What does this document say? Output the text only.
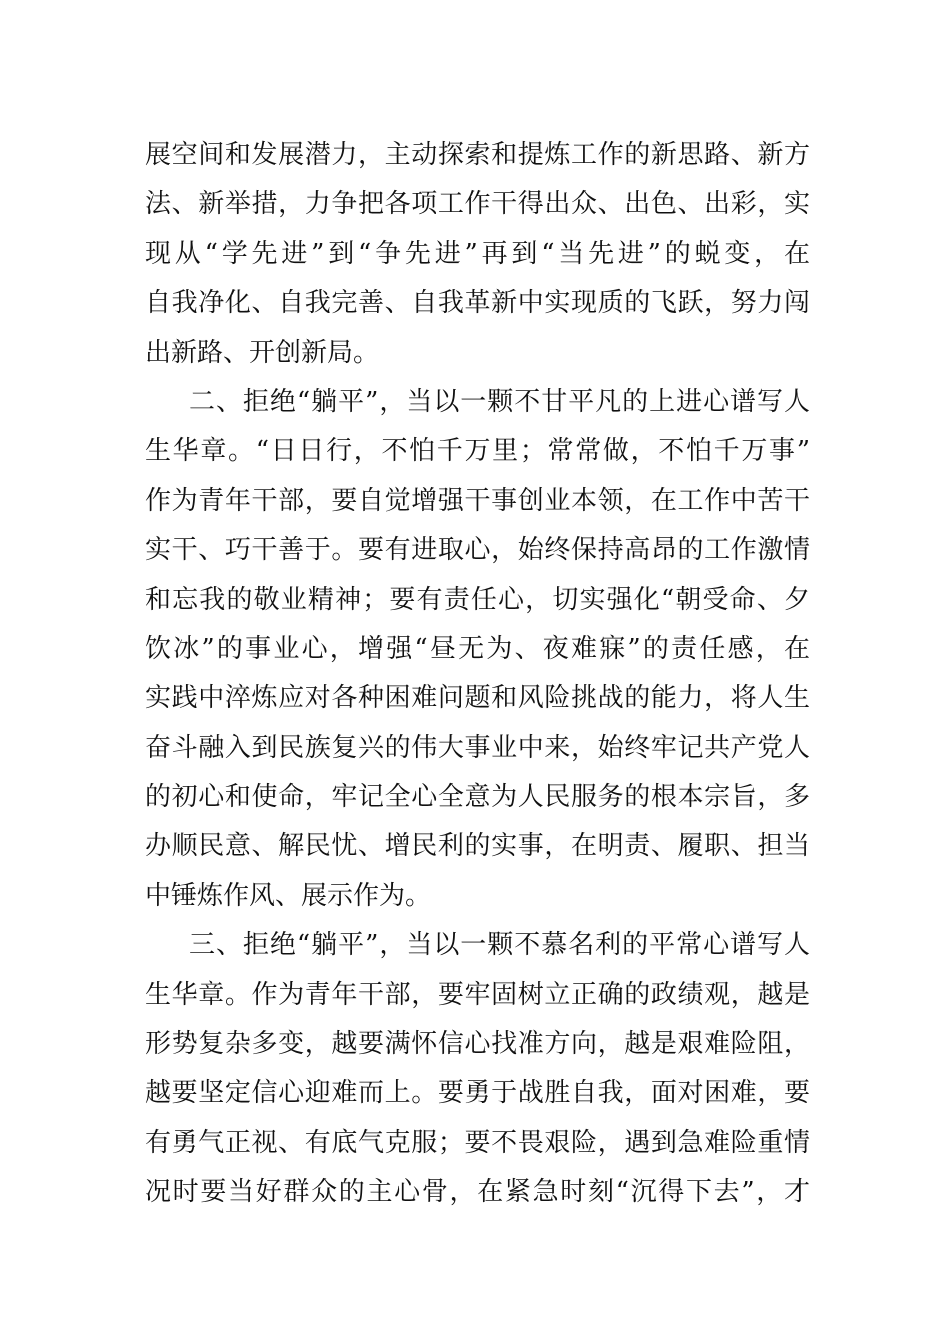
展空间和发展潜力，主动探索和提炼工作的新思路、新方
法、新举措，力争把各项工作干得出众、出色、出彩，实
现从“学先进”到“争先进”再到“当先进”的蜕变，在
自我净化、自我完善、自我革新中实现质的飞跃，努力闯
出新路、开创新局。
二、拒绝“躺平”，当以一颗不甘平凡的上进心谱写人
生华章。“日日行，不怕千万里；常常做，不怕千万事”
作为青年干部，要自觉增强干事创业本领，在工作中苦干
实干、巧干善于。要有进取心，始终保持高昂的工作激情
和忘我的敬业精神；要有责任心，切实强化“朝受命、夕
饮冰”的事业心，增强“昼无为、夜难寐”的责任感，在
实践中淬炼应对各种困难问题和风险挑战的能力，将人生
奋斗融入到民族复兴的伟大事业中来，始终牢记共产党人
的初心和使命，牢记全心全意为人民服务的根本宗旨，多
办顺民意、解民忧、增民利的实事，在明责、履职、担当
中锤炼作风、展示作为。
三、拒绝“躺平”，当以一颗不慕名利的平常心谱写人
生华章。作为青年干部，要牢固树立正确的政绩观，越是
形势复杂多变，越要满怀信心找准方向，越是艰难险阻，
越要坚定信心迎难而上。要勇于战胜自我，面对困难，要
有勇气正视、有底气克服；要不畏艰险，遇到急难险重情
况时要当好群众的主心骨，在紧急时刻“沉得下去”，才
